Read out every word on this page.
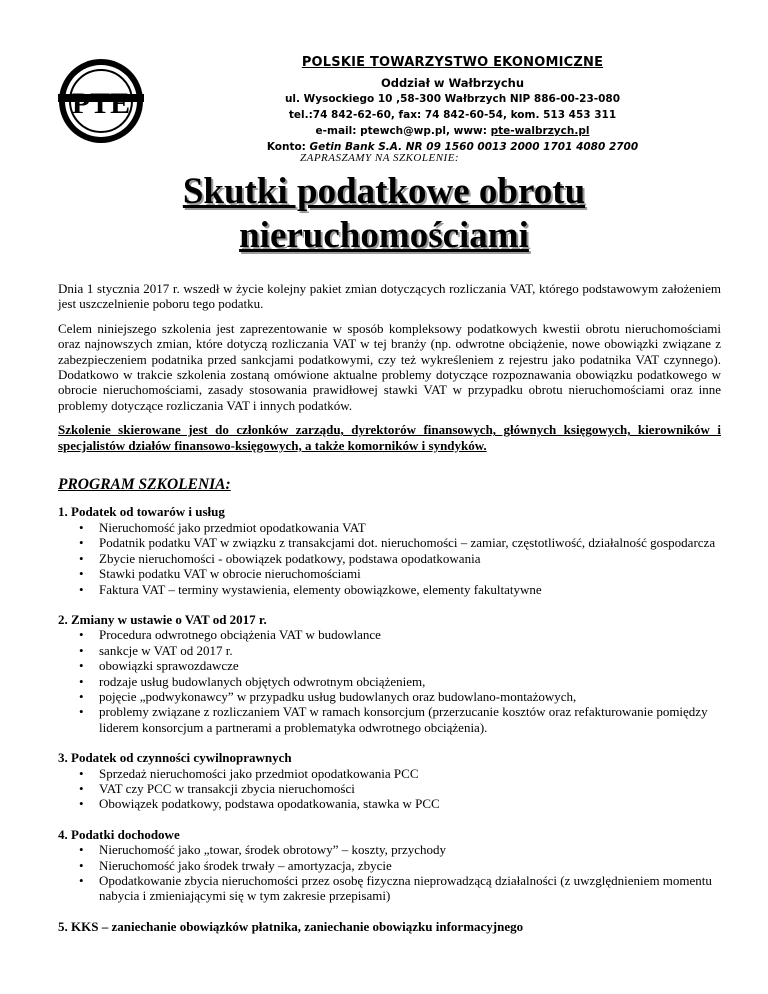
PTE
POLSKIE TOWARZYSTWO EKONOMICZNE
Oddział w Wałbrzychu
ul. Wysockiego 10 ,58-300 Wałbrzych NIP 886-00-23-080
tel.:74 842-62-60, fax: 74 842-60-54, kom. 513 453 311
e-mail: ptewch@wp.pl, www: pte-walbrzych.pl
Konto: Getin Bank S.A. NR 09 1560 0013 2000 1701 4080 2700
ZAPRASZAMY NA SZKOLENIE:
Skutki podatkowe obrotu nieruchomościami

Dnia 1 stycznia 2017 r. wszedł w życie kolejny pakiet zmian dotyczących rozliczania VAT, którego podstawowym założeniem jest uszczelnienie poboru tego podatku.

Celem niniejszego szkolenia jest zaprezentowanie w sposób kompleksowy podatkowych kwestii obrotu nieruchomościami oraz najnowszych zmian, które dotyczą rozliczania VAT w tej branży (np. odwrotne obciążenie, nowe obowiązki związane z zabezpieczeniem podatnika przed sankcjami podatkowymi, czy też wykreśleniem z rejestru jako podatnika VAT czynnego). Dodatkowo w trakcie szkolenia zostaną omówione aktualne problemy dotyczące rozpoznawania obowiązku podatkowego w obrocie nieruchomościami, zasady stosowania prawidłowej stawki VAT w przypadku obrotu nieruchomościami oraz inne problemy dotyczące rozliczania VAT i innych podatków.

Szkolenie skierowane jest do członków zarządu, dyrektorów finansowych, głównych księgowych, kierowników i specjalistów działów finansowo-księgowych, a także komorników i syndyków.

PROGRAM SZKOLENIA:
1. Podatek od towarów i usług
• Nieruchomość jako przedmiot opodatkowania VAT
• Podatnik podatku VAT w związku z transakcjami dot. nieruchomości – zamiar, częstotliwość, działalność gospodarcza
• Zbycie nieruchomości - obowiązek podatkowy, podstawa opodatkowania
• Stawki podatku VAT w obrocie nieruchomościami
• Faktura VAT – terminy wystawienia, elementy obowiązkowe, elementy fakultatywne
2. Zmiany w ustawie o VAT od 2017 r.
• Procedura odwrotnego obciążenia VAT w budowlance
• sankcje w VAT od 2017 r.
• obowiązki sprawozdawcze
• rodzaje usług budowlanych objętych odwrotnym obciążeniem,
• pojęcie „podwykonawcy” w przypadku usług budowlanych oraz budowlano-montażowych,
• problemy związane z rozliczaniem VAT w ramach konsorcjum (przerzucanie kosztów oraz refakturowanie pomiędzy liderem konsorcjum a partnerami a problematyka odwrotnego obciążenia).
3. Podatek od czynności cywilnoprawnych
• Sprzedaż nieruchomości jako przedmiot opodatkowania PCC
• VAT czy PCC w transakcji zbycia nieruchomości
• Obowiązek podatkowy, podstawa opodatkowania, stawka w PCC
4. Podatki dochodowe
• Nieruchomość jako „towar, środek obrotowy” – koszty, przychody
• Nieruchomość jako środek trwały – amortyzacja, zbycie
• Opodatkowanie zbycia nieruchomości przez osobę fizyczna nieprowadzącą działalności (z uwzględnieniem momentu nabycia i zmieniającymi się w tym zakresie przepisami)
5. KKS – zaniechanie obowiązków płatnika, zaniechanie obowiązku informacyjnego
